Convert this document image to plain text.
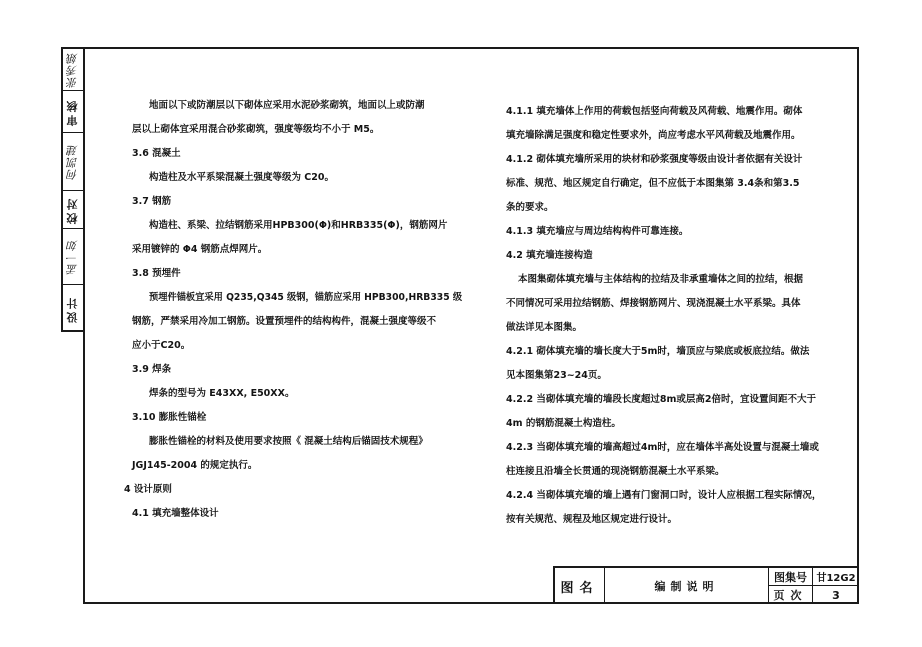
张秀娥
审核
何凯建
校对
孟一如
设计

地面以下或防潮层以下砌体应采用水泥砂浆砌筑，地面以上或防潮

层以上砌体宜采用混合砂浆砌筑，强度等级均不小于 M5。

3.6 混凝土

构造柱及水平系梁混凝土强度等级为 C20。

3.7 钢筋

构造柱、系梁、拉结钢筋采用HPB300(Φ)和HRB335(Φ)，钢筋网片

采用镀锌的 Φ4 钢筋点焊网片。

3.8 预埋件

预埋件锚板宜采用 Q235,Q345 级钢，锚筋应采用 HPB300,HRB335 级

钢筋，严禁采用冷加工钢筋。设置预埋件的结构构件，混凝土强度等级不

应小于C20。

3.9 焊条

焊条的型号为 E43XX, E50XX。

3.10 膨胀性锚栓

膨胀性锚栓的材料及使用要求按照《 混凝土结构后锚固技术规程》

JGJ145-2004 的规定执行。

4 设计原则

4.1 填充墙整体设计

4.1.1 填充墙体上作用的荷载包括竖向荷载及风荷载、地震作用。砌体

填充墙除满足强度和稳定性要求外，尚应考虑水平风荷载及地震作用。

4.1.2 砌体填充墙所采用的块材和砂浆强度等级由设计者依据有关设计

标准、规范、地区规定自行确定，但不应低于本图集第 3.4条和第3.5

条的要求。

4.1.3 填充墙应与周边结构构件可靠连接。

4.2 填充墙连接构造

本图集砌体填充墙与主体结构的拉结及非承重墙体之间的拉结，根据

不同情况可采用拉结钢筋、焊接钢筋网片、现浇混凝土水平系梁。具体

做法详见本图集。

4.2.1 砌体填充墙的墙长度大于5m时，墙顶应与梁底或板底拉结。做法

见本图集第23~24页。

4.2.2 当砌体填充墙的墙段长度超过8m或层高2倍时，宜设置间距不大于

4m 的钢筋混凝土构造柱。

4.2.3 当砌体填充墙的墙高超过4m时，应在墙体半高处设置与混凝土墙或

柱连接且沿墙全长贯通的现浇钢筋混凝土水平系梁。

4.2.4 当砌体填充墙的墙上遇有门窗洞口时，设计人应根据工程实际情况，

按有关规范、规程及地区规定进行设计。

图名	编制说明
图集号 甘12G2
页次	3
